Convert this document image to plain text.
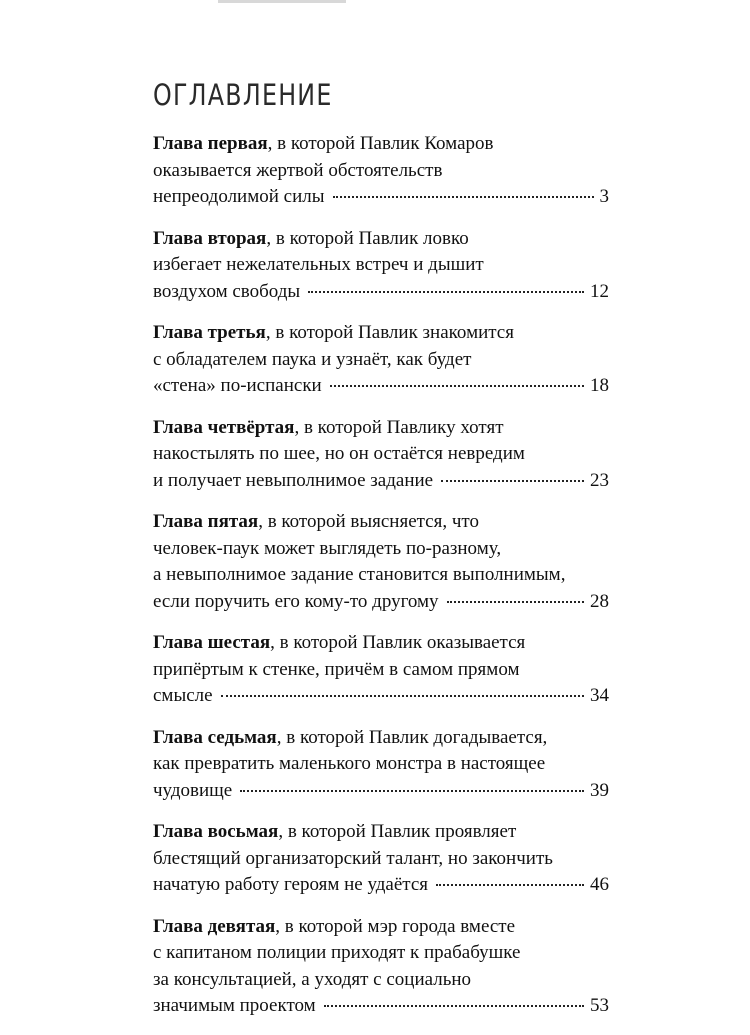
ОГЛАВЛЕНИЕ
Глава первая, в которой Павлик Комаров
оказывается жертвой обстоятельств
непреодолимой силы	3
Глава вторая, в которой Павлик ловко
избегает нежелательных встреч и дышит
воздухом свободы	12
Глава третья, в которой Павлик знакомится
с обладателем паука и узнаёт, как будет
«стена» по-испански	18
Глава четвёртая, в которой Павлику хотят
накостылять по шее, но он остаётся невредим
и получает невыполнимое задание	23
Глава пятая, в которой выясняется, что
человек-паук может выглядеть по-разному,
а невыполнимое задание становится выполнимым,
если поручить его кому-то другому	28
Глава шестая, в которой Павлик оказывается
припёртым к стенке, причём в самом прямом
смысле	34
Глава седьмая, в которой Павлик догадывается,
как превратить маленького монстра в настоящее
чудовище	39
Глава восьмая, в которой Павлик проявляет
блестящий организаторский талант, но закончить
начатую работу героям не удаётся	46
Глава девятая, в которой мэр города вместе
с капитаном полиции приходят к прабабушке
за консультацией, а уходят с социально
значимым проектом	53
